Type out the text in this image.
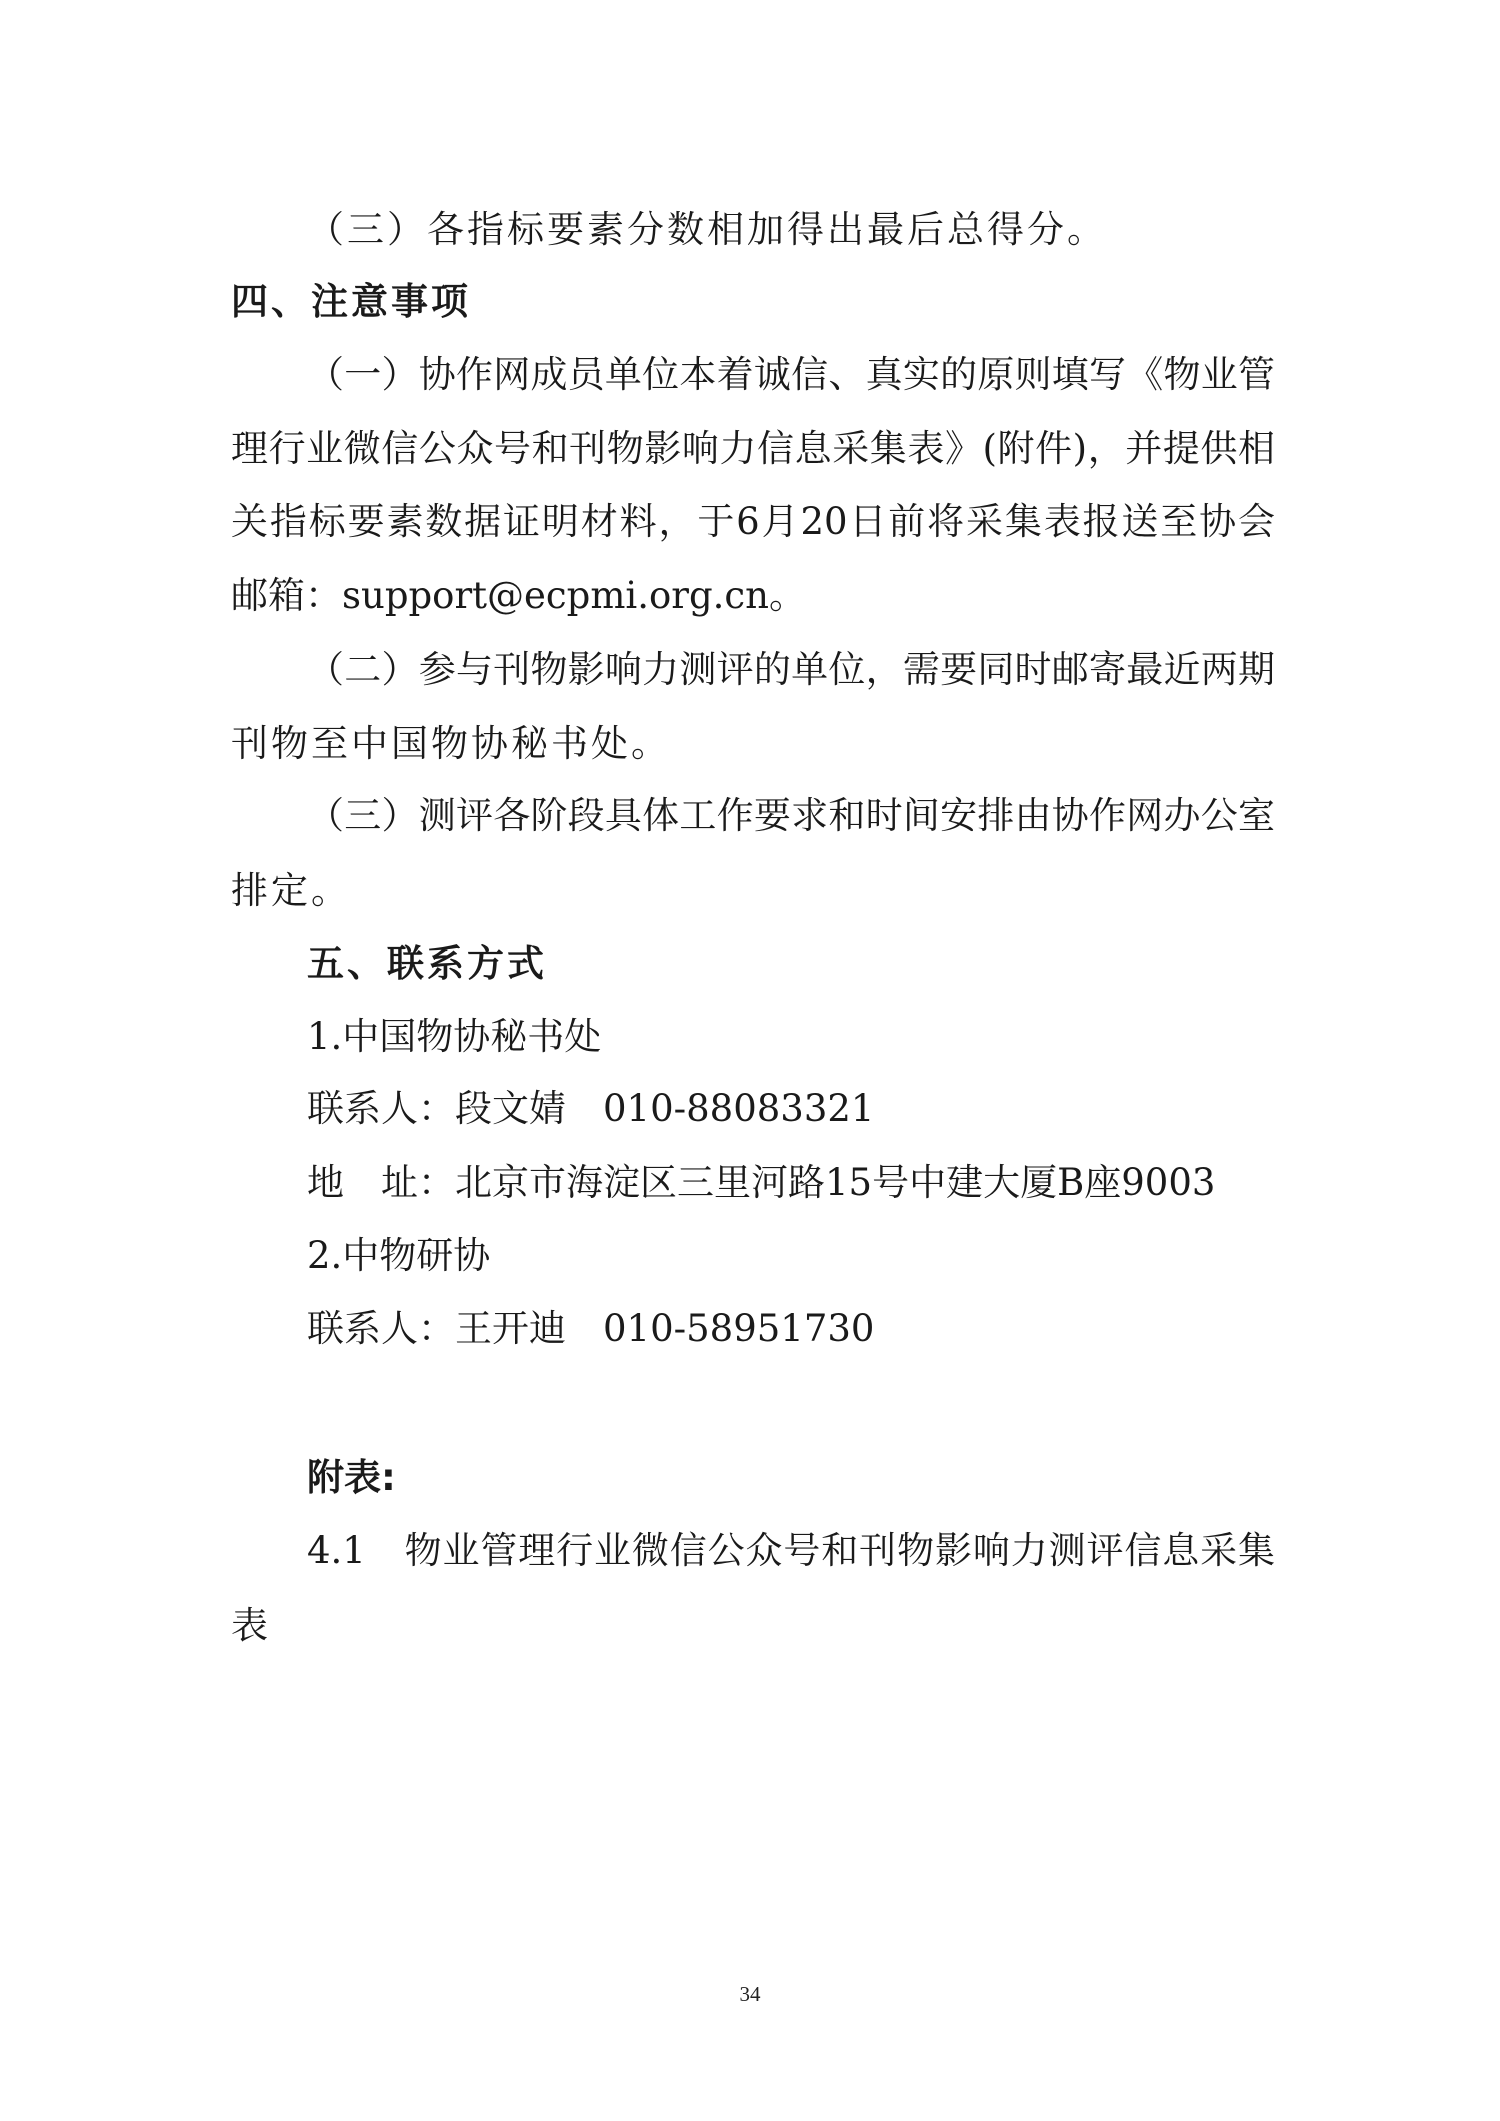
（三）各指标要素分数相加得出最后总得分。
四、注意事项
（一）协作网成员单位本着诚信、真实的原则填写《物业管
理行业微信公众号和刊物影响力信息采集表》(附件)，并提供相
关指标要素数据证明材料，于6月20日前将采集表报送至协会
邮箱：support@ecpmi.org.cn。
（二）参与刊物影响力测评的单位，需要同时邮寄最近两期
刊物至中国物协秘书处。
（三）测评各阶段具体工作要求和时间安排由协作网办公室
排定。
五、联系方式
1.中国物协秘书处
联系人：段文婧　010-88083321
地　址：北京市海淀区三里河路15号中建大厦B座9003
2.中物研协
联系人：王开迪　010-58951730
附表:
4.1　物业管理行业微信公众号和刊物影响力测评信息采集
表
34
